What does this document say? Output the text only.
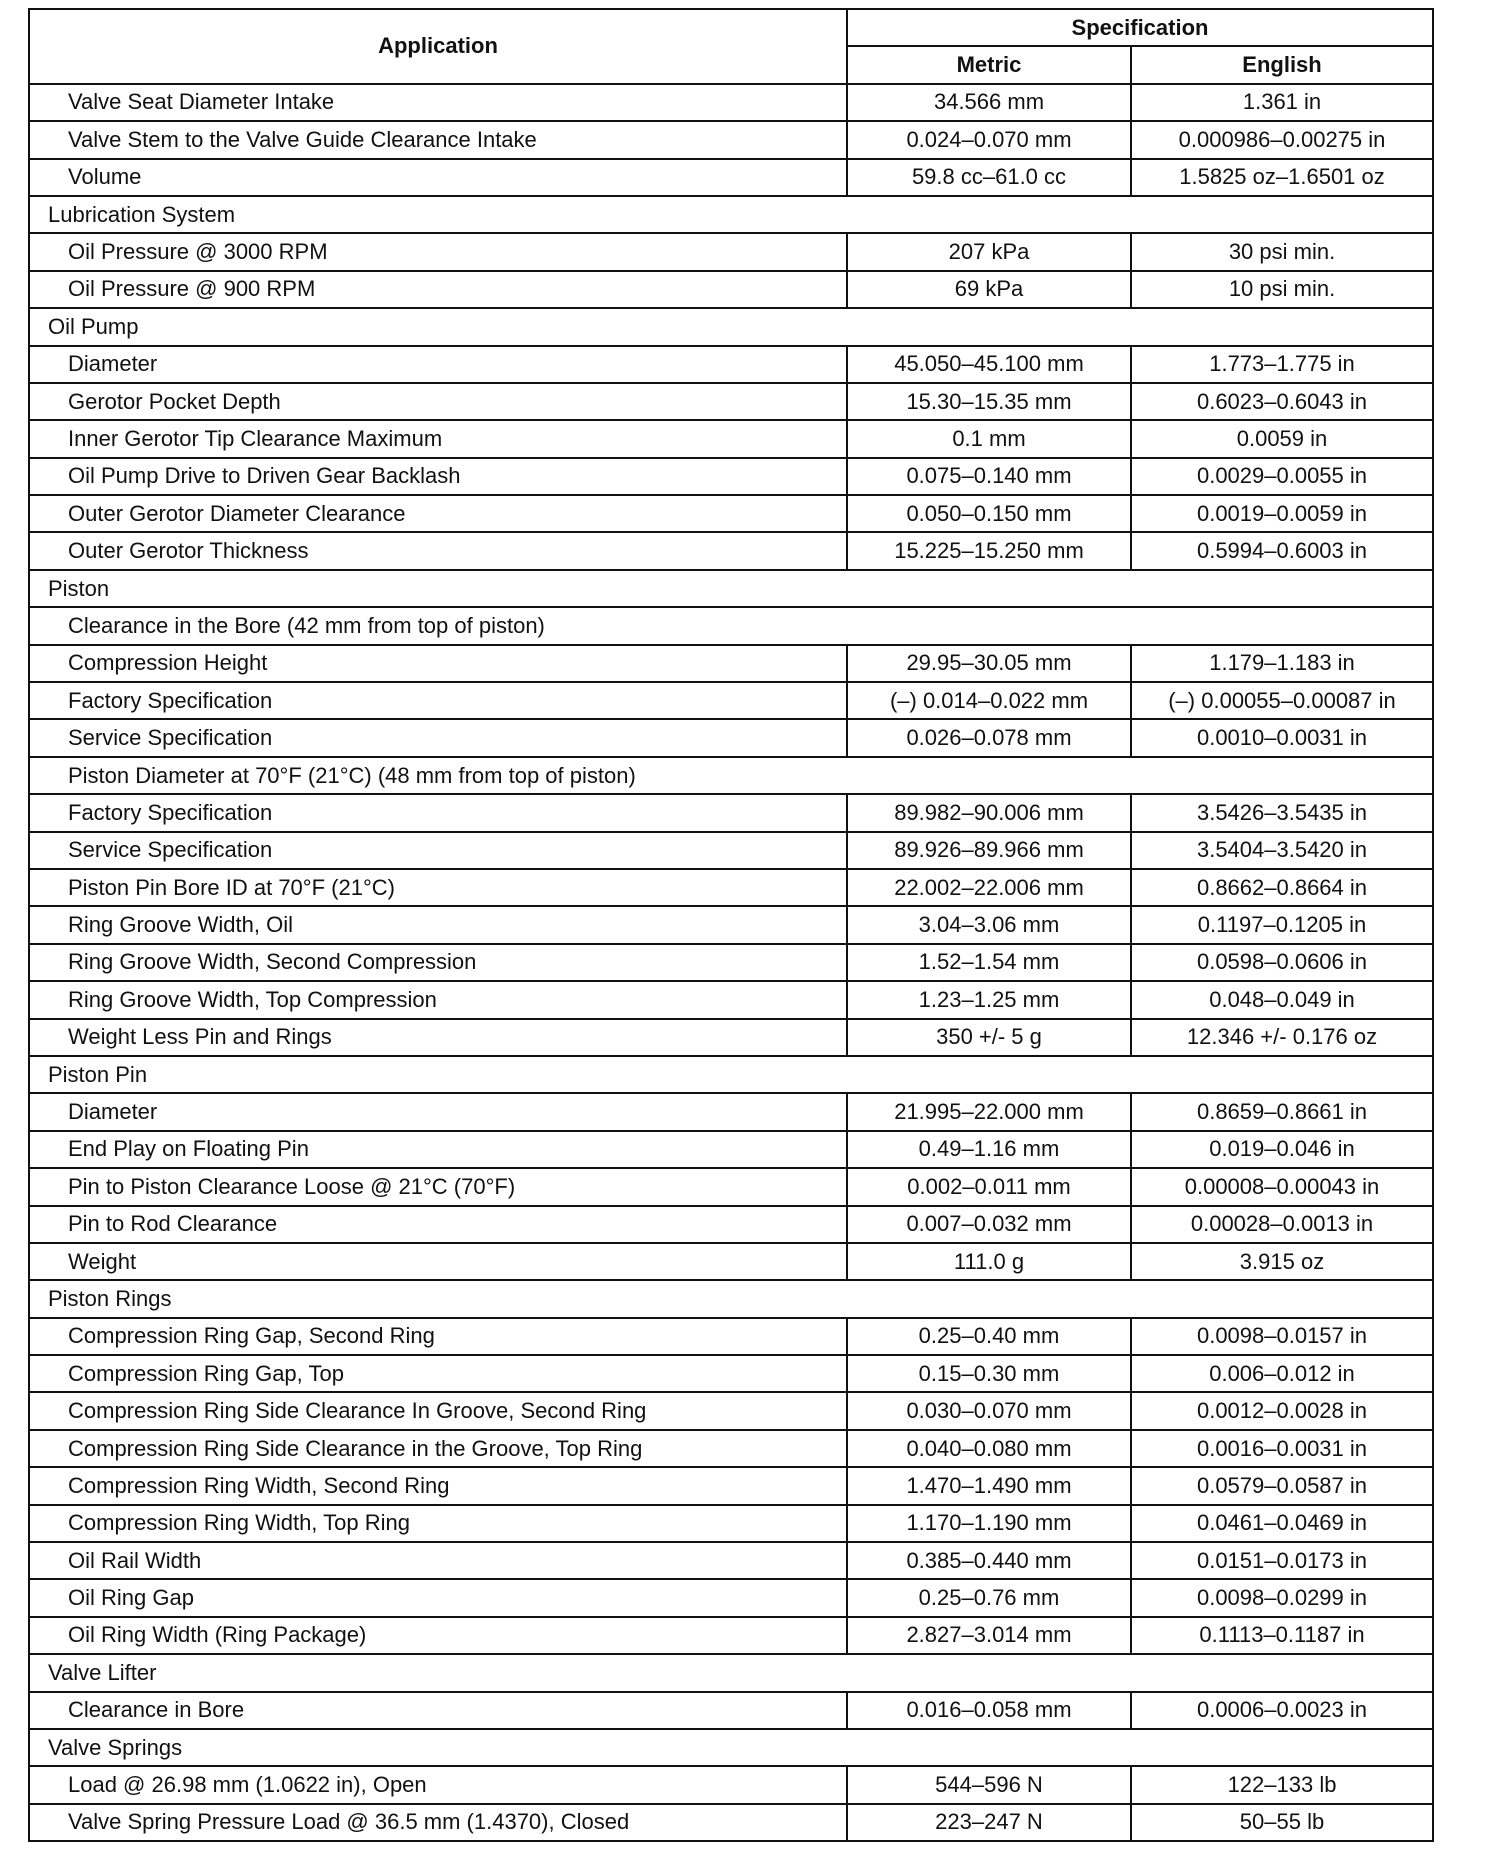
Application	Specification	
	Metric	English
Valve Seat Diameter Intake	34.566 mm	1.361 in
Valve Stem to the Valve Guide Clearance Intake	0.024–0.070 mm	0.000986–0.00275 in
Volume	59.8 cc–61.0 cc	1.5825 oz–1.6501 oz
Lubrication System		
Oil Pressure @ 3000 RPM	207 kPa	30 psi min.
Oil Pressure @ 900 RPM	69 kPa	10 psi min.
Oil Pump		
Diameter	45.050–45.100 mm	1.773–1.775 in
Gerotor Pocket Depth	15.30–15.35 mm	0.6023–0.6043 in
Inner Gerotor Tip Clearance Maximum	0.1 mm	0.0059 in
Oil Pump Drive to Driven Gear Backlash	0.075–0.140 mm	0.0029–0.0055 in
Outer Gerotor Diameter Clearance	0.050–0.150 mm	0.0019–0.0059 in
Outer Gerotor Thickness	15.225–15.250 mm	0.5994–0.6003 in
Piston		
Clearance in the Bore (42 mm from top of piston)		
Compression Height	29.95–30.05 mm	1.179–1.183 in
Factory Specification	(–) 0.014–0.022 mm	(–) 0.00055–0.00087 in
Service Specification	0.026–0.078 mm	0.0010–0.0031 in
Piston Diameter at 70°F (21°C) (48 mm from top of piston)		
Factory Specification	89.982–90.006 mm	3.5426–3.5435 in
Service Specification	89.926–89.966 mm	3.5404–3.5420 in
Piston Pin Bore ID at 70°F (21°C)	22.002–22.006 mm	0.8662–0.8664 in
Ring Groove Width, Oil	3.04–3.06 mm	0.1197–0.1205 in
Ring Groove Width, Second Compression	1.52–1.54 mm	0.0598–0.0606 in
Ring Groove Width, Top Compression	1.23–1.25 mm	0.048–0.049 in
Weight Less Pin and Rings	350 +/- 5 g	12.346 +/- 0.176 oz
Piston Pin		
Diameter	21.995–22.000 mm	0.8659–0.8661 in
End Play on Floating Pin	0.49–1.16 mm	0.019–0.046 in
Pin to Piston Clearance Loose @ 21°C (70°F)	0.002–0.011 mm	0.00008–0.00043 in
Pin to Rod Clearance	0.007–0.032 mm	0.00028–0.0013 in
Weight	111.0 g	3.915 oz
Piston Rings		
Compression Ring Gap, Second Ring	0.25–0.40 mm	0.0098–0.0157 in
Compression Ring Gap, Top	0.15–0.30 mm	0.006–0.012 in
Compression Ring Side Clearance In Groove, Second Ring	0.030–0.070 mm	0.0012–0.0028 in
Compression Ring Side Clearance in the Groove, Top Ring	0.040–0.080 mm	0.0016–0.0031 in
Compression Ring Width, Second Ring	1.470–1.490 mm	0.0579–0.0587 in
Compression Ring Width, Top Ring	1.170–1.190 mm	0.0461–0.0469 in
Oil Rail Width	0.385–0.440 mm	0.0151–0.0173 in
Oil Ring Gap	0.25–0.76 mm	0.0098–0.0299 in
Oil Ring Width (Ring Package)	2.827–3.014 mm	0.1113–0.1187 in
Valve Lifter		
Clearance in Bore	0.016–0.058 mm	0.0006–0.0023 in
Valve Springs		
Load @ 26.98 mm (1.0622 in), Open	544–596 N	122–133 lb
Valve Spring Pressure Load @ 36.5 mm (1.4370), Closed	223–247 N	50–55 lb
